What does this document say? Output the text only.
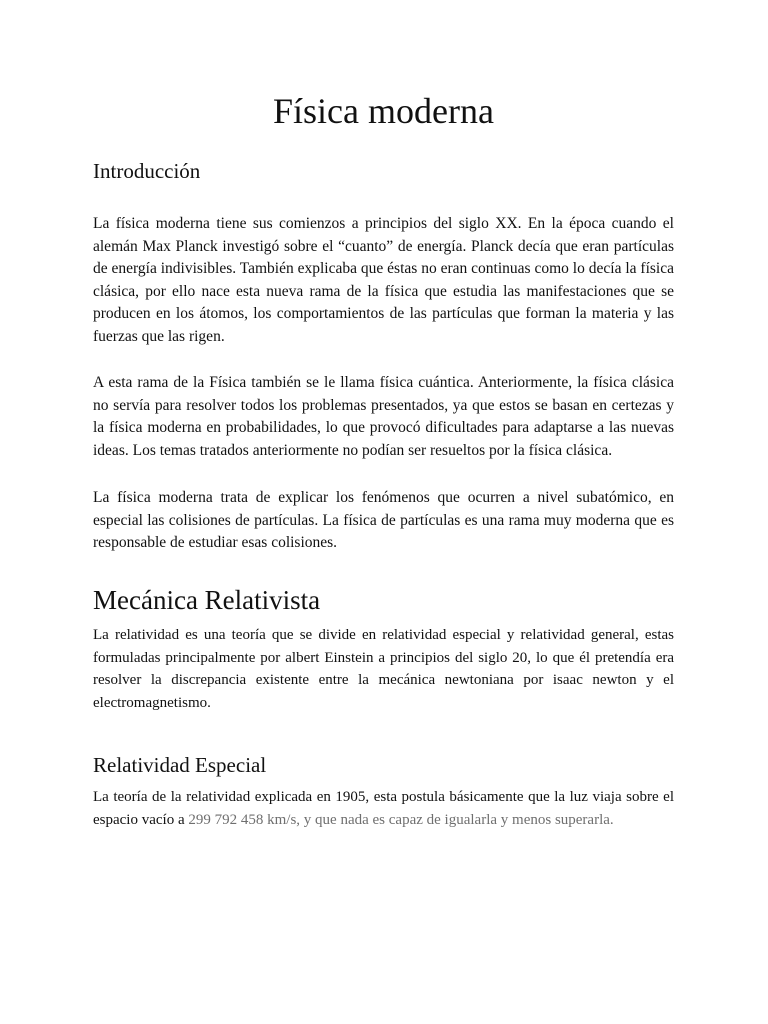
Física moderna
Introducción

La física moderna tiene sus comienzos a principios del siglo XX. En la época cuando el alemán Max Planck investigó sobre el “cuanto” de energía. Planck decía que eran partículas de energía indivisibles. También explicaba que éstas no eran continuas como lo decía la física clásica, por ello nace esta nueva rama de la física que estudia las manifestaciones que se producen en los átomos, los comportamientos de las partículas que forman la materia y las fuerzas que las rigen.

A esta rama de la Física también se le llama física cuántica. Anteriormente, la física clásica no servía para resolver todos los problemas presentados, ya que estos se basan en certezas y la física moderna en probabilidades, lo que provocó dificultades para adaptarse a las nuevas ideas. Los temas tratados anteriormente no podían ser resueltos por la física clásica.

La física moderna trata de explicar los fenómenos que ocurren a nivel subatómico, en especial las colisiones de partículas. La física de partículas es una rama muy moderna que es responsable de estudiar esas colisiones.

Mecánica Relativista

La relatividad es una teoría que se divide en relatividad especial y relatividad general, estas formuladas principalmente por albert Einstein a principios del siglo 20, lo que él pretendía era resolver la discrepancia existente entre la mecánica newtoniana por isaac newton y el electromagnetismo.

Relatividad Especial

La teoría de la relatividad explicada en 1905, esta postula básicamente que la luz viaja sobre el espacio vacío a 299 792 458 km/s, y que nada es capaz de igualarla y menos superarla.
